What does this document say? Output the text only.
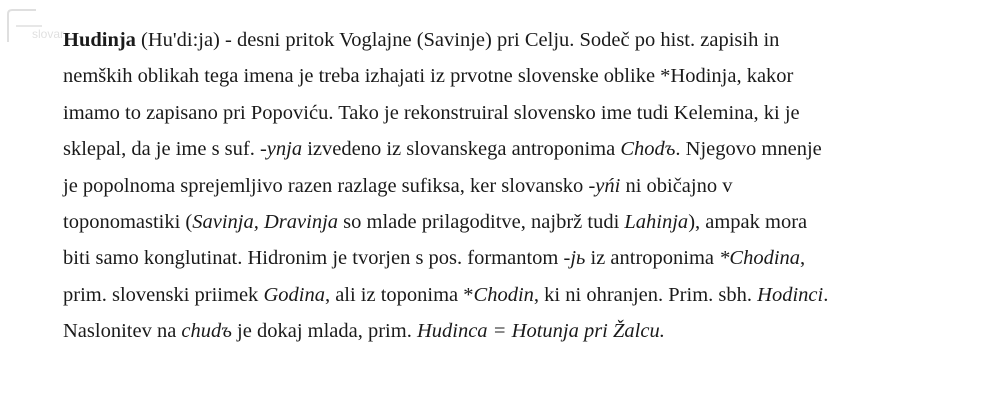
slovar
Hudinja (Hu'di:ja) - desni pritok Voglajne (Savinje) pri Celju. Sodeč po hist. zapisih in
nemških oblikah tega imena je treba izhajati iz prvotne slovenske oblike *Hodinja, kakor
imamo to zapisano pri Popoviću. Tako je rekonstruiral slovensko ime tudi Kelemina, ki je
sklepal, da je ime s suf. -ynja izvedeno iz slovanskega antroponima Chodъ. Njegovo mnenje
je popolnoma sprejemljivo razen razlage sufiksa, ker slovansko -yńi ni običajno v
toponomastiki (Savinja, Dravinja so mlade prilagoditve, najbrž tudi Lahinja), ampak mora
biti samo konglutinat. Hidronim je tvorjen s pos. formantom -jь iz antroponima *Chodina,
prim. slovenski priimek Godina, ali iz toponima *Chodin, ki ni ohranjen. Prim. sbh. Hodinci.
Naslonitev na chudъ je dokaj mlada, prim. Hudinca = Hotunja pri Žalcu.
